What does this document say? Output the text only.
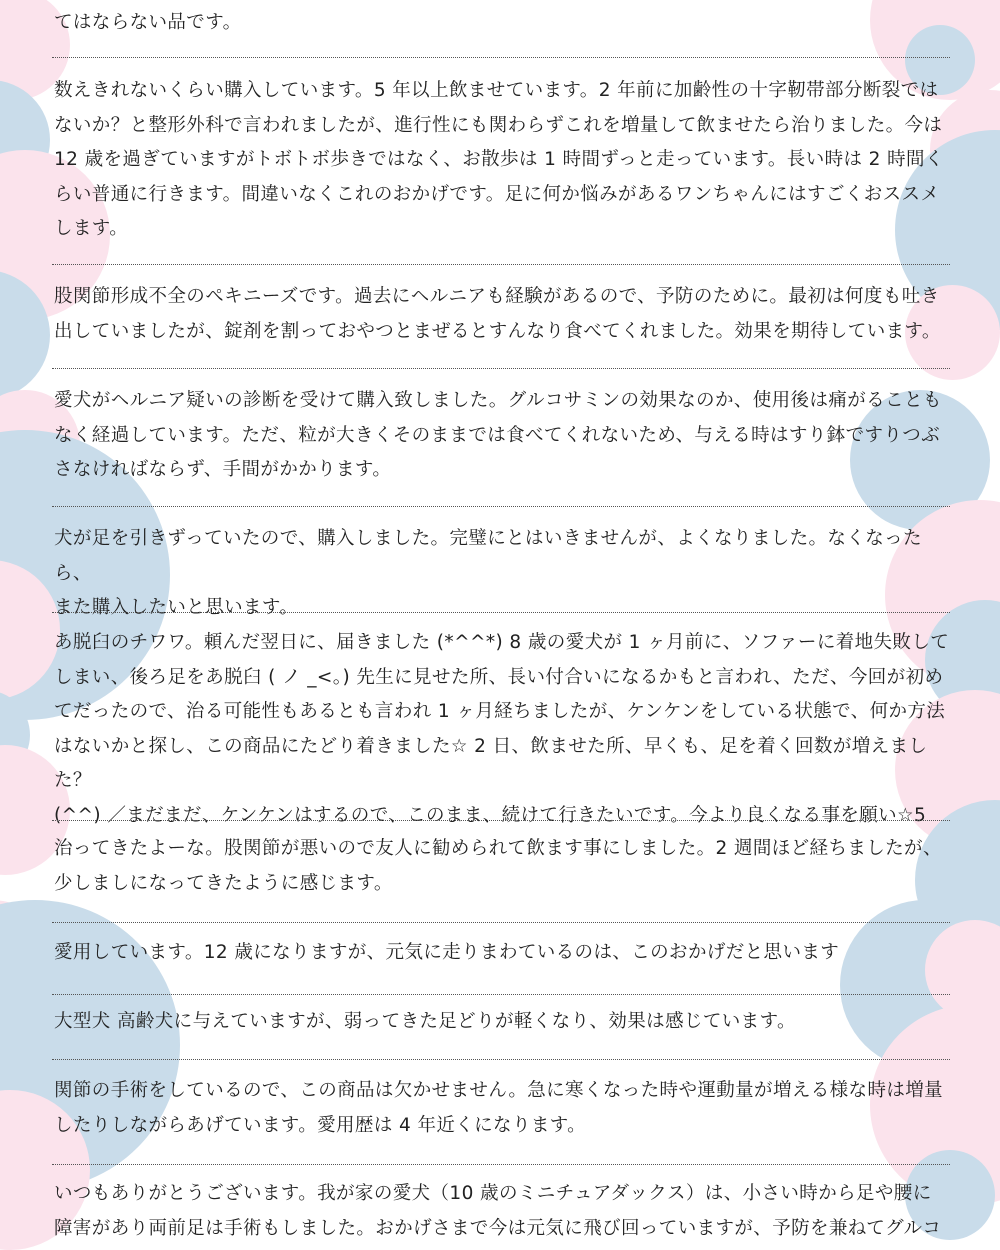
てはならない品です。
数えきれないくらい購入しています。5 年以上飲ませています。2 年前に加齢性の十字靭帯部分断裂では
ないか？と整形外科で言われましたが、進行性にも関わらずこれを増量して飲ませたら治りました。今は
12 歳を過ぎていますがトボトボ歩きではなく、お散歩は 1 時間ずっと走っています。長い時は 2 時間く
らい普通に行きます。間違いなくこれのおかげです。足に何か悩みがあるワンちゃんにはすごくおススメ
します。
股関節形成不全のペキニーズです。過去にヘルニアも経験があるので、予防のために。最初は何度も吐き
出していましたが、錠剤を割っておやつとまぜるとすんなり食べてくれました。効果を期待しています。
愛犬がヘルニア疑いの診断を受けて購入致しました。グルコサミンの効果なのか、使用後は痛がることも
なく経過しています。ただ、粒が大きくそのままでは食べてくれないため、与える時はすり鉢ですりつぶ
さなければならず、手間がかかります。
犬が足を引きずっていたので、購入しました。完璧にとはいきませんが、よくなりました。なくなったら、
また購入したいと思います。
あ脱臼のチワワ。頼んだ翌日に、届きました (*^^*) 8 歳の愛犬が 1 ヶ月前に、ソファーに着地失敗して
しまい、後ろ足をあ脱臼 ( ノ _<。) 先生に見せた所、長い付合いになるかもと言われ、ただ、今回が初め
てだったので、治る可能性もあるとも言われ 1 ヶ月経ちましたが、ケンケンをしている状態で、何か方法
はないかと探し、この商品にたどり着きました☆ 2 日、飲ませた所、早くも、足を着く回数が増えました？
(^^) ／まだまだ、ケンケンはするので、このまま、続けて行きたいです。今より良くなる事を願い☆5
治ってきたよーな。股関節が悪いので友人に勧められて飲ます事にしました。2 週間ほど経ちましたが、
少しましになってきたように感じます。
愛用しています。12 歳になりますが、元気に走りまわているのは、このおかげだと思います
大型犬 高齢犬に与えていますが、弱ってきた足どりが軽くなり、効果は感じています。
関節の手術をしているので、この商品は欠かせません。急に寒くなった時や運動量が増える様な時は増量
したりしながらあげています。愛用歴は 4 年近くになります。
いつもありがとうございます。我が家の愛犬（10 歳のミニチュアダックス）は、小さい時から足や腰に
障害があり両前足は手術もしました。おかげさまで今は元気に飛び回っていますが、予防を兼ねてグルコ
